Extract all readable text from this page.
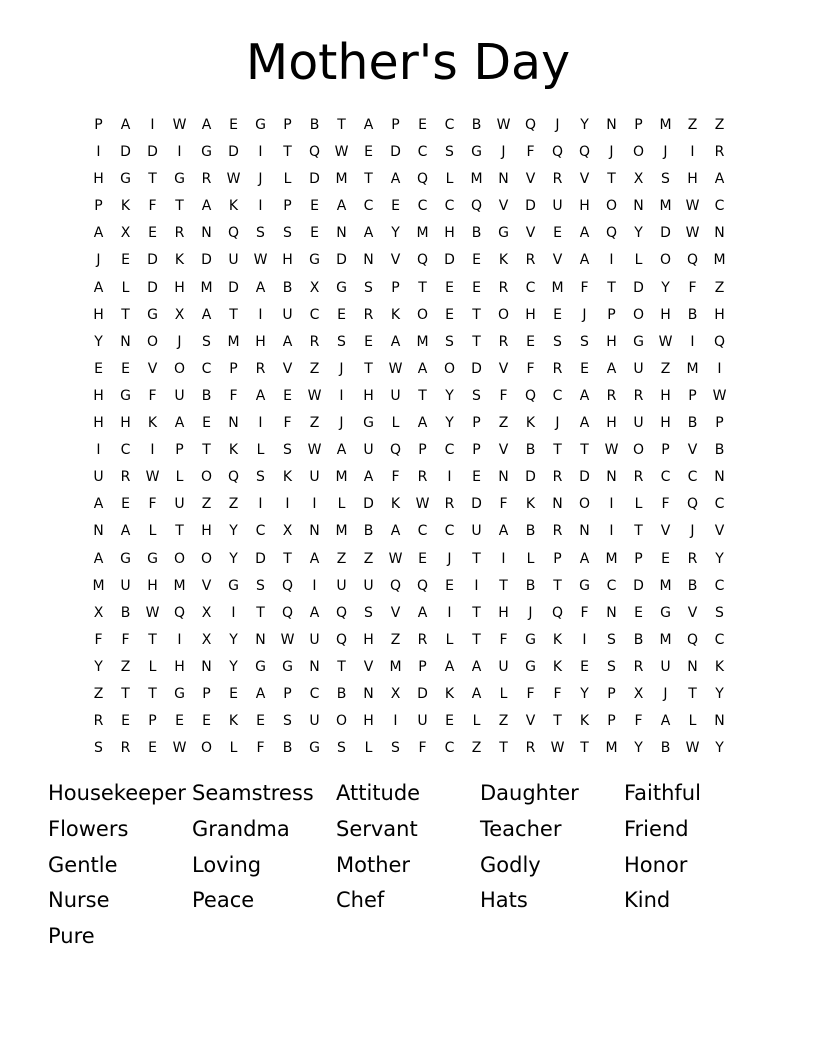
Mother's Day
P	A	I	W	A	E	G	P	B	T	A	P	E	C	B	W	Q	J	Y	N	P	M	Z	Z
I	D	D	I	G	D	I	T	Q	W	E	D	C	S	G	J	F	Q	Q	J	O	J	I	R
H	G	T	G	R	W	J	L	D	M	T	A	Q	L	M	N	V	R	V	T	X	S	H	A
P	K	F	T	A	K	I	P	E	A	C	E	C	C	Q	V	D	U	H	O	N	M	W	C
A	X	E	R	N	Q	S	S	E	N	A	Y	M	H	B	G	V	E	A	Q	Y	D	W	N
J	E	D	K	D	U	W	H	G	D	N	V	Q	D	E	K	R	V	A	I	L	O	Q	M
A	L	D	H	M	D	A	B	X	G	S	P	T	E	E	R	C	M	F	T	D	Y	F	Z
H	T	G	X	A	T	I	U	C	E	R	K	O	E	T	O	H	E	J	P	O	H	B	H
Y	N	O	J	S	M	H	A	R	S	E	A	M	S	T	R	E	S	S	H	G	W	I	Q
E	E	V	O	C	P	R	V	Z	J	T	W	A	O	D	V	F	R	E	A	U	Z	M	I
H	G	F	U	B	F	A	E	W	I	H	U	T	Y	S	F	Q	C	A	R	R	H	P	W
H	H	K	A	E	N	I	F	Z	J	G	L	A	Y	P	Z	K	J	A	H	U	H	B	P
I	C	I	P	T	K	L	S	W	A	U	Q	P	C	P	V	B	T	T	W	O	P	V	B
U	R	W	L	O	Q	S	K	U	M	A	F	R	I	E	N	D	R	D	N	R	C	C	N
A	E	F	U	Z	Z	I	I	I	L	D	K	W	R	D	F	K	N	O	I	L	F	Q	C
N	A	L	T	H	Y	C	X	N	M	B	A	C	C	U	A	B	R	N	I	T	V	J	V
A	G	G	O	O	Y	D	T	A	Z	Z	W	E	J	T	I	L	P	A	M	P	E	R	Y
M	U	H	M	V	G	S	Q	I	U	U	Q	Q	E	I	T	B	T	G	C	D	M	B	C
X	B	W	Q	X	I	T	Q	A	Q	S	V	A	I	T	H	J	Q	F	N	E	G	V	S
F	F	T	I	X	Y	N	W	U	Q	H	Z	R	L	T	F	G	K	I	S	B	M	Q	C
Y	Z	L	H	N	Y	G	G	N	T	V	M	P	A	A	U	G	K	E	S	R	U	N	K
Z	T	T	G	P	E	A	P	C	B	N	X	D	K	A	L	F	F	Y	P	X	J	T	Y
R	E	P	E	E	K	E	S	U	O	H	I	U	E	L	Z	V	T	K	P	F	A	L	N
S	R	E	W	O	L	F	B	G	S	L	S	F	C	Z	T	R	W	T	M	Y	B	W	Y
Housekeeper Seamstress	Attitude	Daughter	Faithful
Flowers	Grandma	Servant	Teacher	Friend
Gentle	Loving	Mother	Godly	Honor
Nurse	Peace	Chef	Hats	Kind
Pure
